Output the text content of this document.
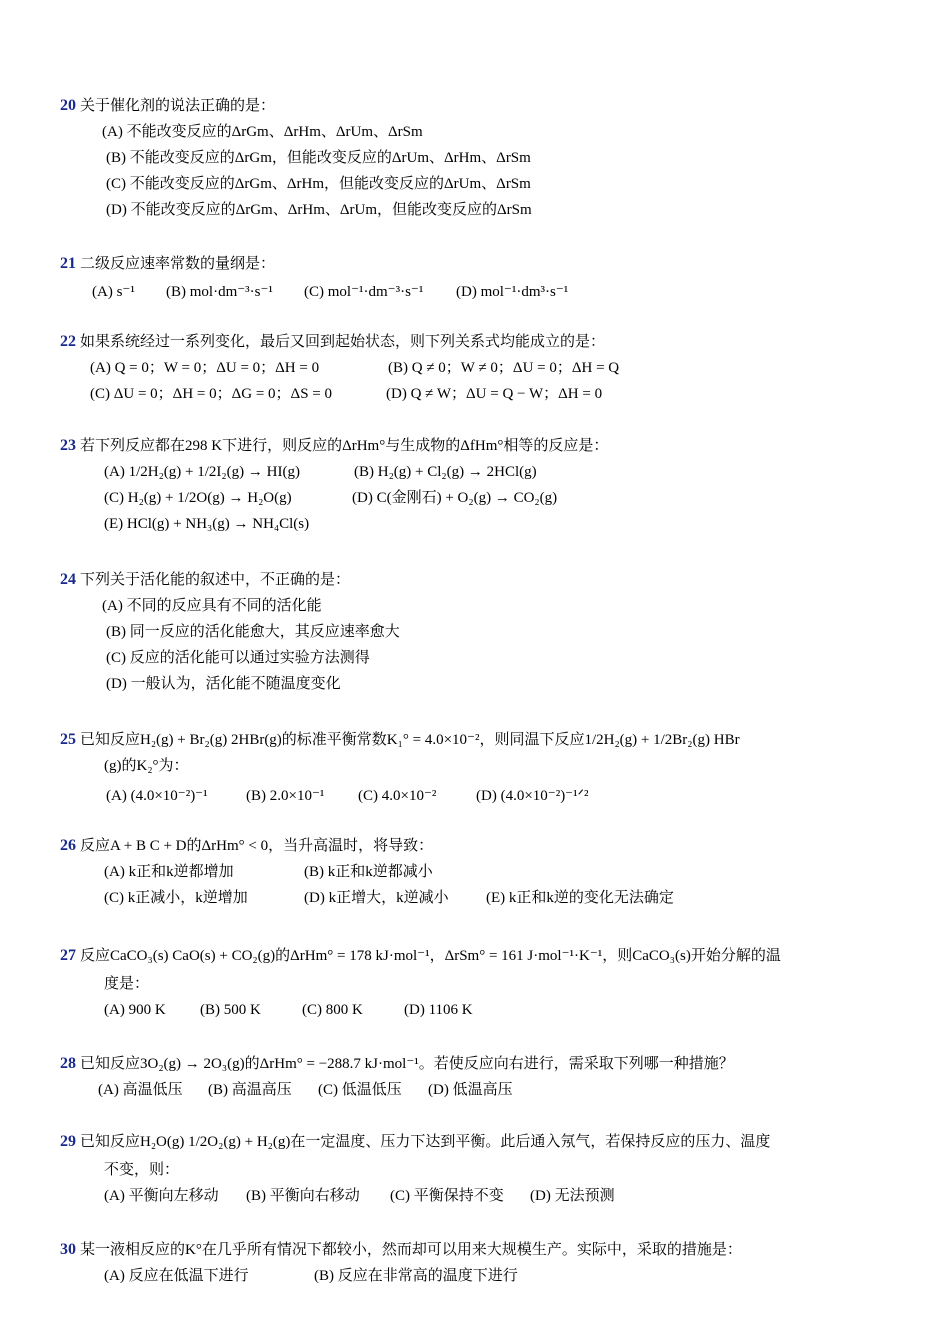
20 关于催化剂的说法正确的是：
(A) 不能改变反应的ΔrGm、ΔrHm、ΔrUm、ΔrSm
(B) 不能改变反应的ΔrGm，但能改变反应的ΔrUm、ΔrHm、ΔrSm
(C) 不能改变反应的ΔrGm、ΔrHm，但能改变反应的ΔrUm、ΔrSm
(D) 不能改变反应的ΔrGm、ΔrHm、ΔrUm，但能改变反应的ΔrSm
21 二级反应速率常数的量纲是：
(A) s⁻¹ (B) mol·dm⁻³·s⁻¹ (C) mol⁻¹·dm⁻³·s⁻¹ (D) mol⁻¹·dm³·s⁻¹
22 如果系统经过一系列变化，最后又回到起始状态，则下列关系式均能成立的是：
(A) Q = 0；W = 0；ΔU = 0；ΔH = 0	(B) Q ≠ 0；W ≠ 0；ΔU = 0；ΔH = Q
(C) ΔU = 0；ΔH = 0；ΔG = 0；ΔS = 0	(D) Q ≠ W；ΔU = Q − W；ΔH = 0
23 若下列反应都在298 K下进行，则反应的ΔrHm°与生成物的ΔfHm°相等的反应是：
(A) 1/2H₂(g) + 1/2I₂(g) → HI(g)	(B) H₂(g) + Cl₂(g) → 2HCl(g)
(C) H₂(g) + 1/2O(g) → H₂O(g)	(D) C(金刚石) + O₂(g) → CO₂(g)
(E) HCl(g) + NH₃(g) → NH₄Cl(s)
24 下列关于活化能的叙述中，不正确的是：
(A) 不同的反应具有不同的活化能
(B) 同一反应的活化能愈大，其反应速率愈大
(C) 反应的活化能可以通过实验方法测得
(D) 一般认为，活化能不随温度变化
25 已知反应H₂(g) + Br₂(g) 2HBr(g)的标准平衡常数K₁° = 4.0×10⁻²，则同温下反应1/2H₂(g) + 1/2Br₂(g) HBr
(g)的K₂°为：
(A) (4.0×10⁻²)⁻¹	(B) 2.0×10⁻¹ (C) 4.0×10⁻²	(D) (4.0×10⁻²)⁻¹ᐟ²
26 反应A + B C + D的ΔrHm° < 0，当升高温时，将导致：
(A) k正和k逆都增加	(B) k正和k逆都减小
(C) k正减小，k逆增加	(D) k正增大，k逆减小 (E) k正和k逆的变化无法确定
27 反应CaCO₃(s) CaO(s) + CO₂(g)的ΔrHm° = 178 kJ·mol⁻¹，ΔrSm° = 161 J·mol⁻¹·K⁻¹，则CaCO₃(s)开始分解的温
度是：
(A) 900 K (B) 500 K	(C) 800 K	(D) 1106 K
28 已知反应3O₂(g) → 2O₃(g)的ΔrHm° = −288.7 kJ·mol⁻¹。若使反应向右进行，需采取下列哪一种措施？
(A) 高温低压 (B) 高温高压 (C) 低温低压 (D) 低温高压
29 已知反应H₂O(g) 1/2O₂(g) + H₂(g)在一定温度、压力下达到平衡。此后通入氖气，若保持反应的压力、温度
不变，则：
(A) 平衡向左移动 (B) 平衡向右移动 (C) 平衡保持不变 (D) 无法预测
30 某一液相反应的K°在几乎所有情况下都较小，然而却可以用来大规模生产。实际中，采取的措施是：
(A) 反应在低温下进行	(B) 反应在非常高的温度下进行
